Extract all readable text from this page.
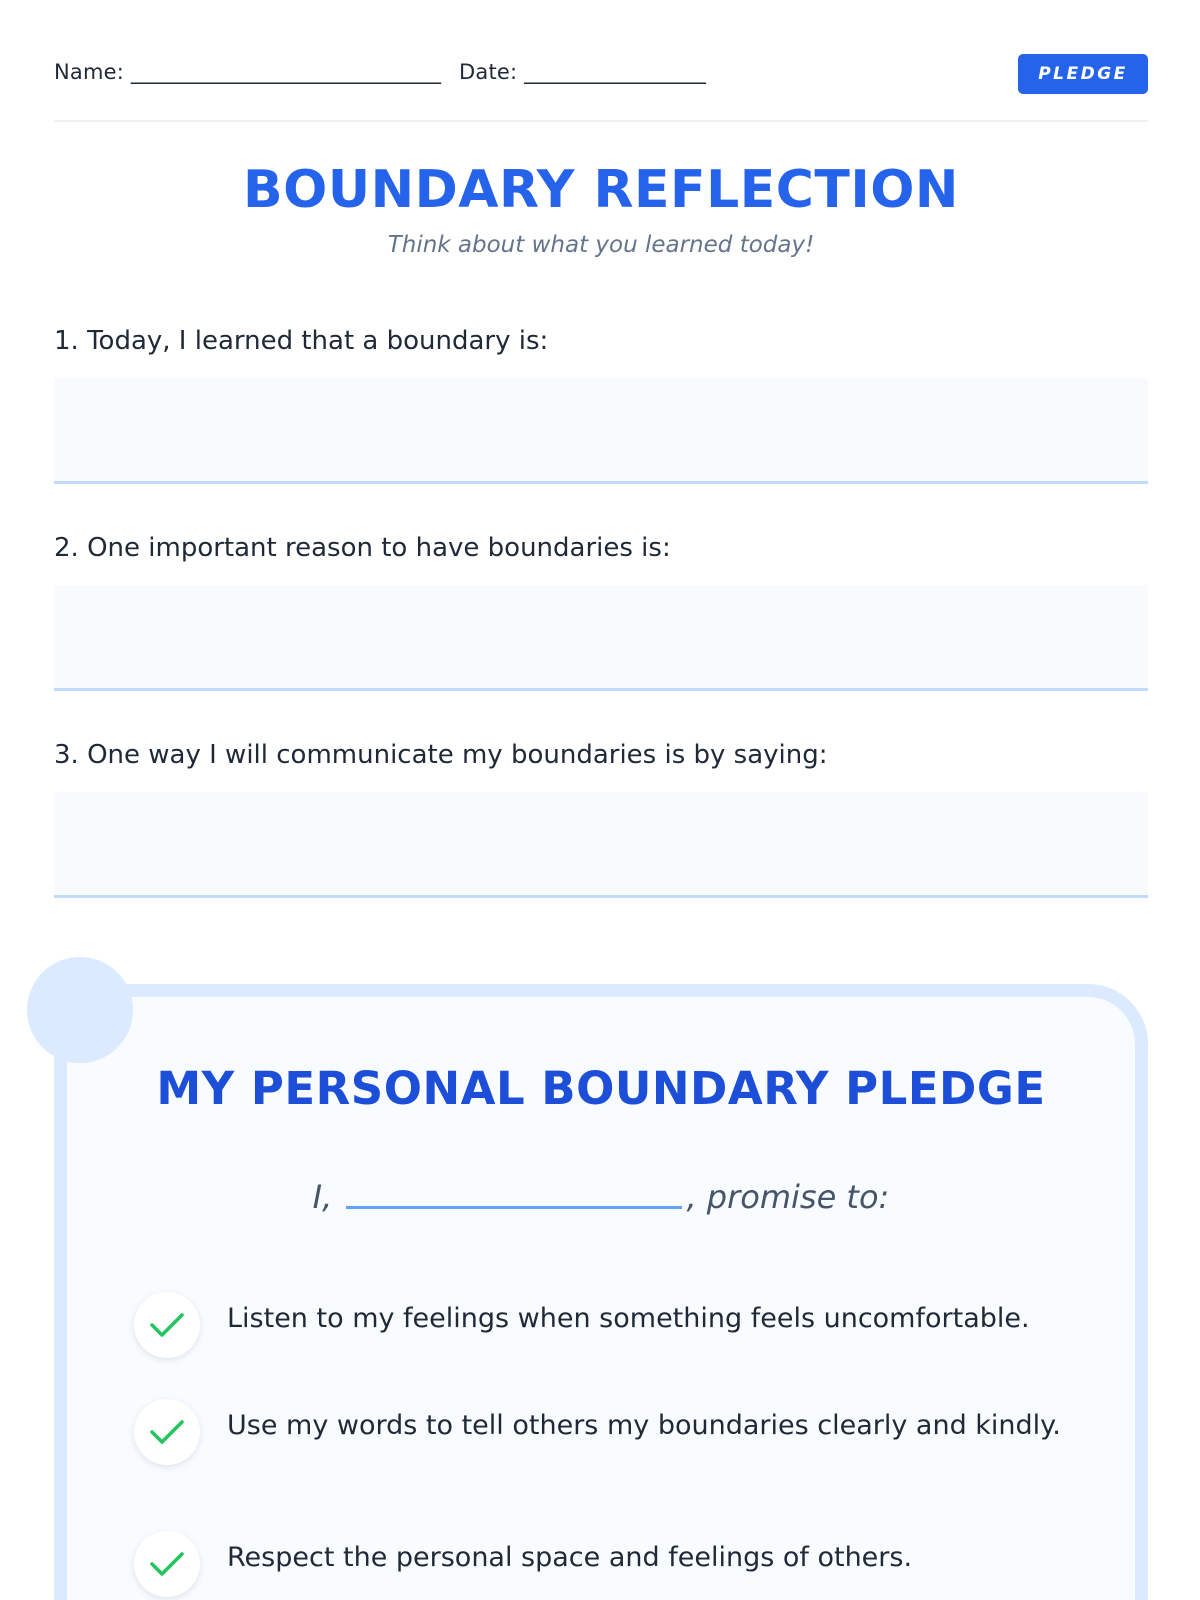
Name: _____________________________ Date: _________________	PLEDGE
BOUNDARY REFLECTION
Think about what you learned today!
1. Today, I learned that a boundary is:
2. One important reason to have boundaries is:
3. One way I will communicate my boundaries is by saying:
MY PERSONAL BOUNDARY PLEDGE
I,	, promise to:
Listen to my feelings when something feels uncomfortable.
Use my words to tell others my boundaries clearly and kindly.
Respect the personal space and feelings of others.
